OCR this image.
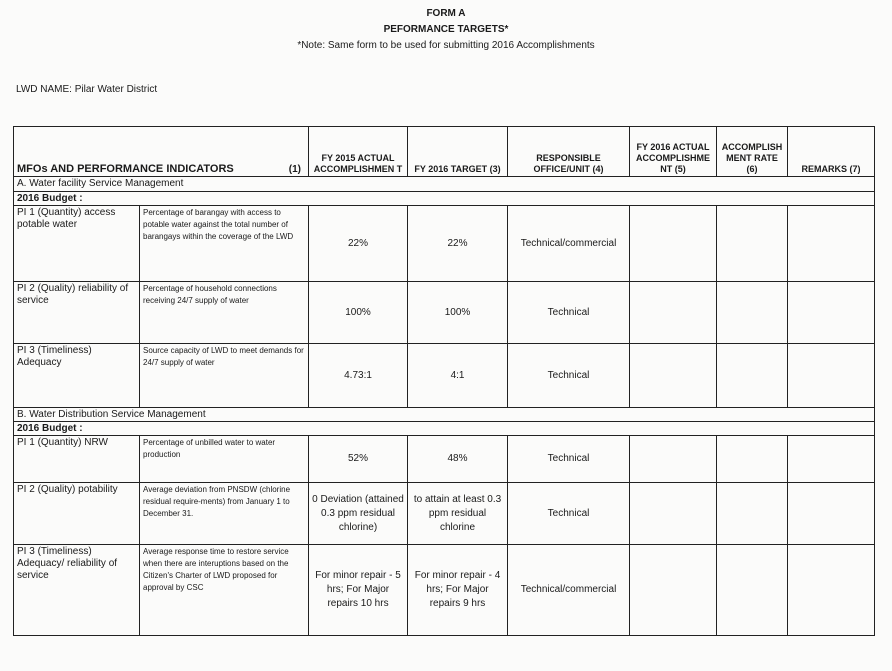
FORM A
PEFORMANCE TARGETS*
*Note: Same form to be used for submitting 2016 Accomplishments
LWD NAME: Pilar Water District
MFOs AND PERFORMANCE INDICATORS (1)		FY 2015 ACTUAL ACCOMPLISHMEN T	FY 2016 TARGET (3)	RESPONSIBLE OFFICE/UNIT (4)	FY 2016 ACTUAL ACCOMPLISHME NT (5)	ACCOMPLISH MENT RATE (6)	REMARKS (7)
A. Water facility Service Management							
2016 Budget :							
PI 1 (Quantity) access potable water	Percentage of barangay with access to potable water against the total number of barangays within the coverage of the LWD	22%	22%	Technical/commercial			
PI 2 (Quality) reliability of service	Percentage of household connections receiving 24/7 supply of water	100%	100%	Technical			
PI 3 (Timeliness) Adequacy	Source capacity of LWD to meet demands for 24/7 supply of water	4.73:1	4:1	Technical			
B. Water Distribution Service Management							
2016 Budget :							
PI 1 (Quantity) NRW	Percentage of unbilled water to water production	52%	48%	Technical			
PI 2 (Quality) potability	Average deviation from PNSDW (chlorine residual require-ments) from January 1 to December 31.	0 Deviation (attained 0.3 ppm residual chlorine)	to attain at least 0.3 ppm residual chlorine	Technical			
PI 3 (Timeliness) Adequacy/ reliability of service	Average response time to restore service when there are interuptions based on the Citizen's Charter of LWD proposed for approval by CSC	For minor repair - 5 hrs; For Major repairs 10 hrs	For minor repair - 4 hrs; For Major repairs 9 hrs	Technical/commercial			
